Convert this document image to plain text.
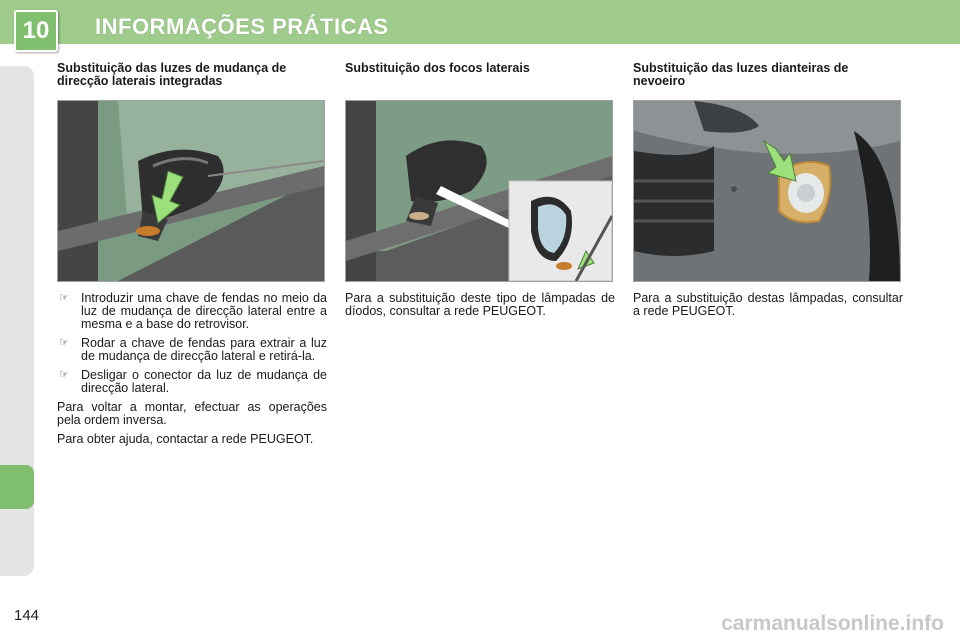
10	INFORMAÇÕES PRÁTICAS
Substituição das luzes de mudança de direcção laterais integradas
☞ Introduzir uma chave de fendas no meio da luz de mudança de direcção lateral entre a mesma e a base do retrovisor.
☞ Rodar a chave de fendas para extrair a luz de mudança de direcção lateral e retirá-la.
☞ Desligar o conector da luz de mudança de direcção lateral.

Para voltar a montar, efectuar as operações pela ordem inversa.

Para obter ajuda, contactar a rede PEUGEOT.

Substituição dos focos laterais

Para a substituição deste tipo de lâmpadas de díodos, consultar a rede PEUGEOT.

Substituição das luzes dianteiras de nevoeiro

Para a substituição destas lâmpadas, consultar a rede PEUGEOT.

144	carmanualsonline.info
